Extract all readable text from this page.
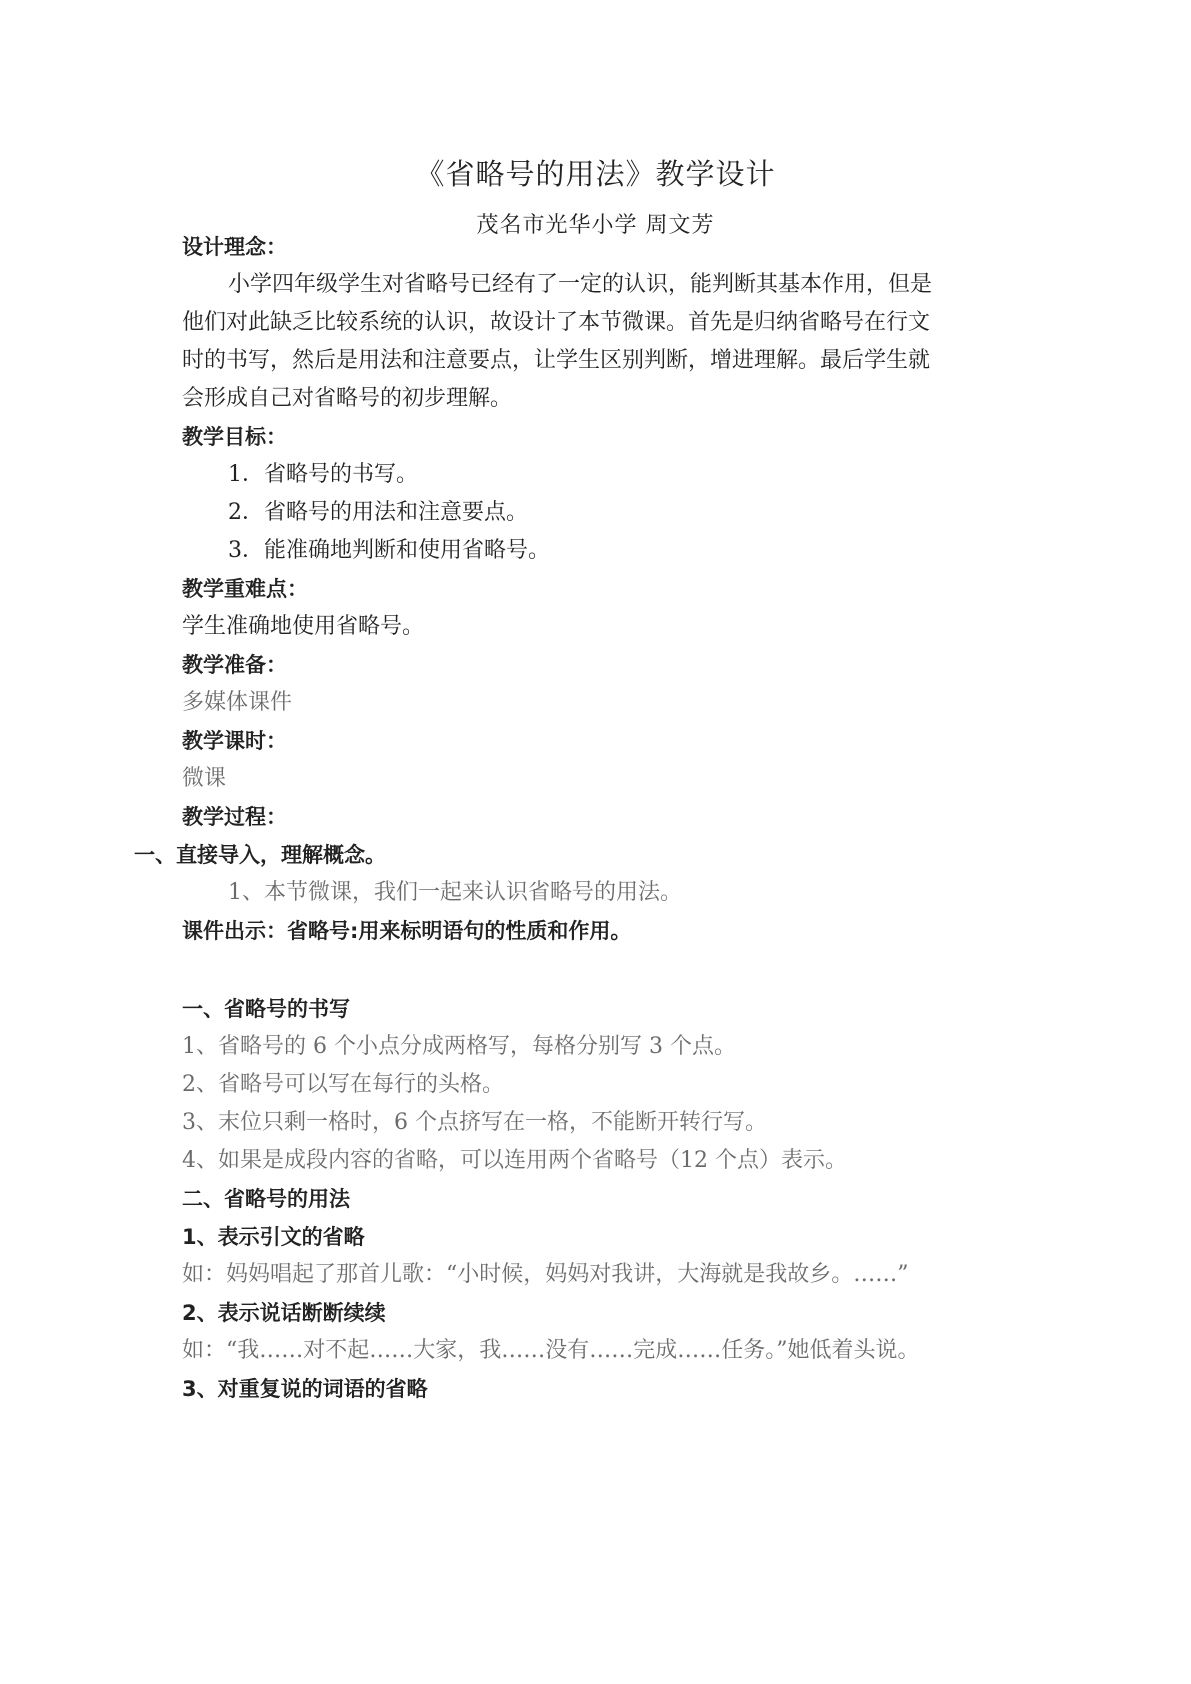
《省略号的用法》教学设计
茂名市光华小学 周文芳
设计理念：
小学四年级学生对省略号已经有了一定的认识，能判断其基本作用，但是
他们对此缺乏比较系统的认识，故设计了本节微课。首先是归纳省略号在行文
时的书写，然后是用法和注意要点，让学生区别判断，增进理解。最后学生就
会形成自己对省略号的初步理解。
教学目标：
1．省略号的书写。
2．省略号的用法和注意要点。
3．能准确地判断和使用省略号。
教学重难点：
学生准确地使用省略号。
教学准备：
多媒体课件
教学课时：
微课
教学过程：
一、直接导入，理解概念。
1、本节微课，我们一起来认识省略号的用法。
课件出示：省略号:用来标明语句的性质和作用。
一、省略号的书写
1、省略号的 6 个小点分成两格写，每格分别写 3 个点。
2、省略号可以写在每行的头格。
3、末位只剩一格时，6 个点挤写在一格，不能断开转行写。
4、如果是成段内容的省略，可以连用两个省略号（12 个点）表示。
二、省略号的用法
1、表示引文的省略
如：妈妈唱起了那首儿歌：“小时候，妈妈对我讲，大海就是我故乡。……”
2、表示说话断断续续
如：“我……对不起……大家，我……没有……完成……任务。”她低着头说。
3、对重复说的词语的省略
